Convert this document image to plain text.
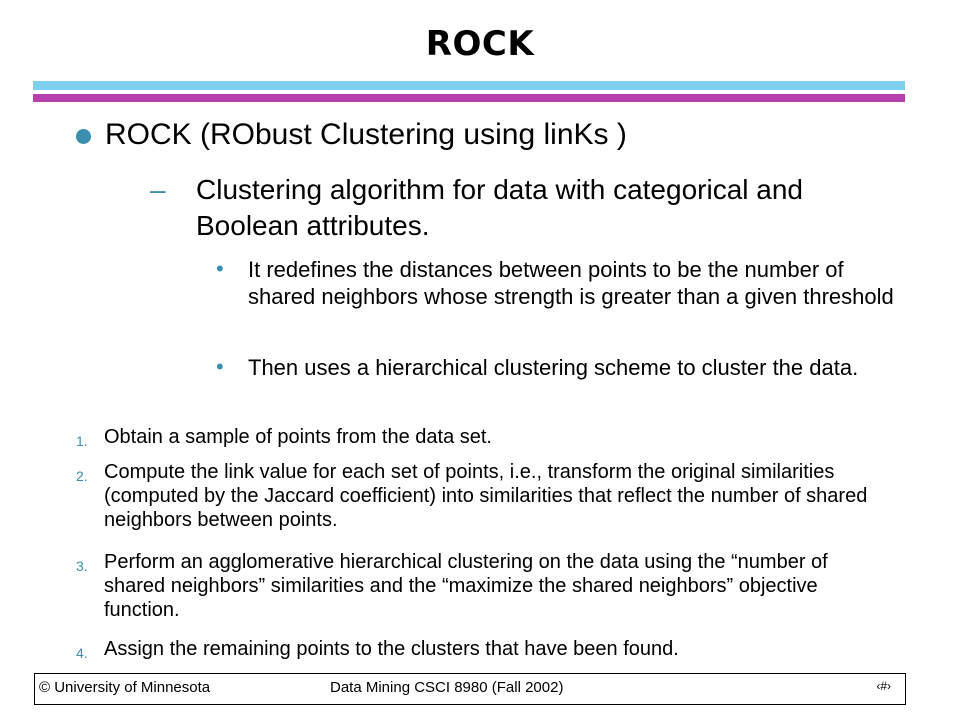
ROCK
ROCK (RObust Clustering using linKs )
– Clustering algorithm for data with categorical and Boolean attributes.
• It redefines the distances between points to be the number of shared neighbors whose strength is greater than a given threshold
• Then uses a hierarchical clustering scheme to cluster the data.
1. Obtain a sample of points from the data set.
2. Compute the link value for each set of points, i.e., transform the original similarities (computed by the Jaccard coefficient) into similarities that reflect the number of shared neighbors between points.
3. Perform an agglomerative hierarchical clustering on the data using the “number of shared neighbors” similarities and the “maximize the shared neighbors” objective function.
4. Assign the remaining points to the clusters that have been found.
© University of Minnesota	Data Mining CSCI 8980 (Fall 2002)	‹#›
